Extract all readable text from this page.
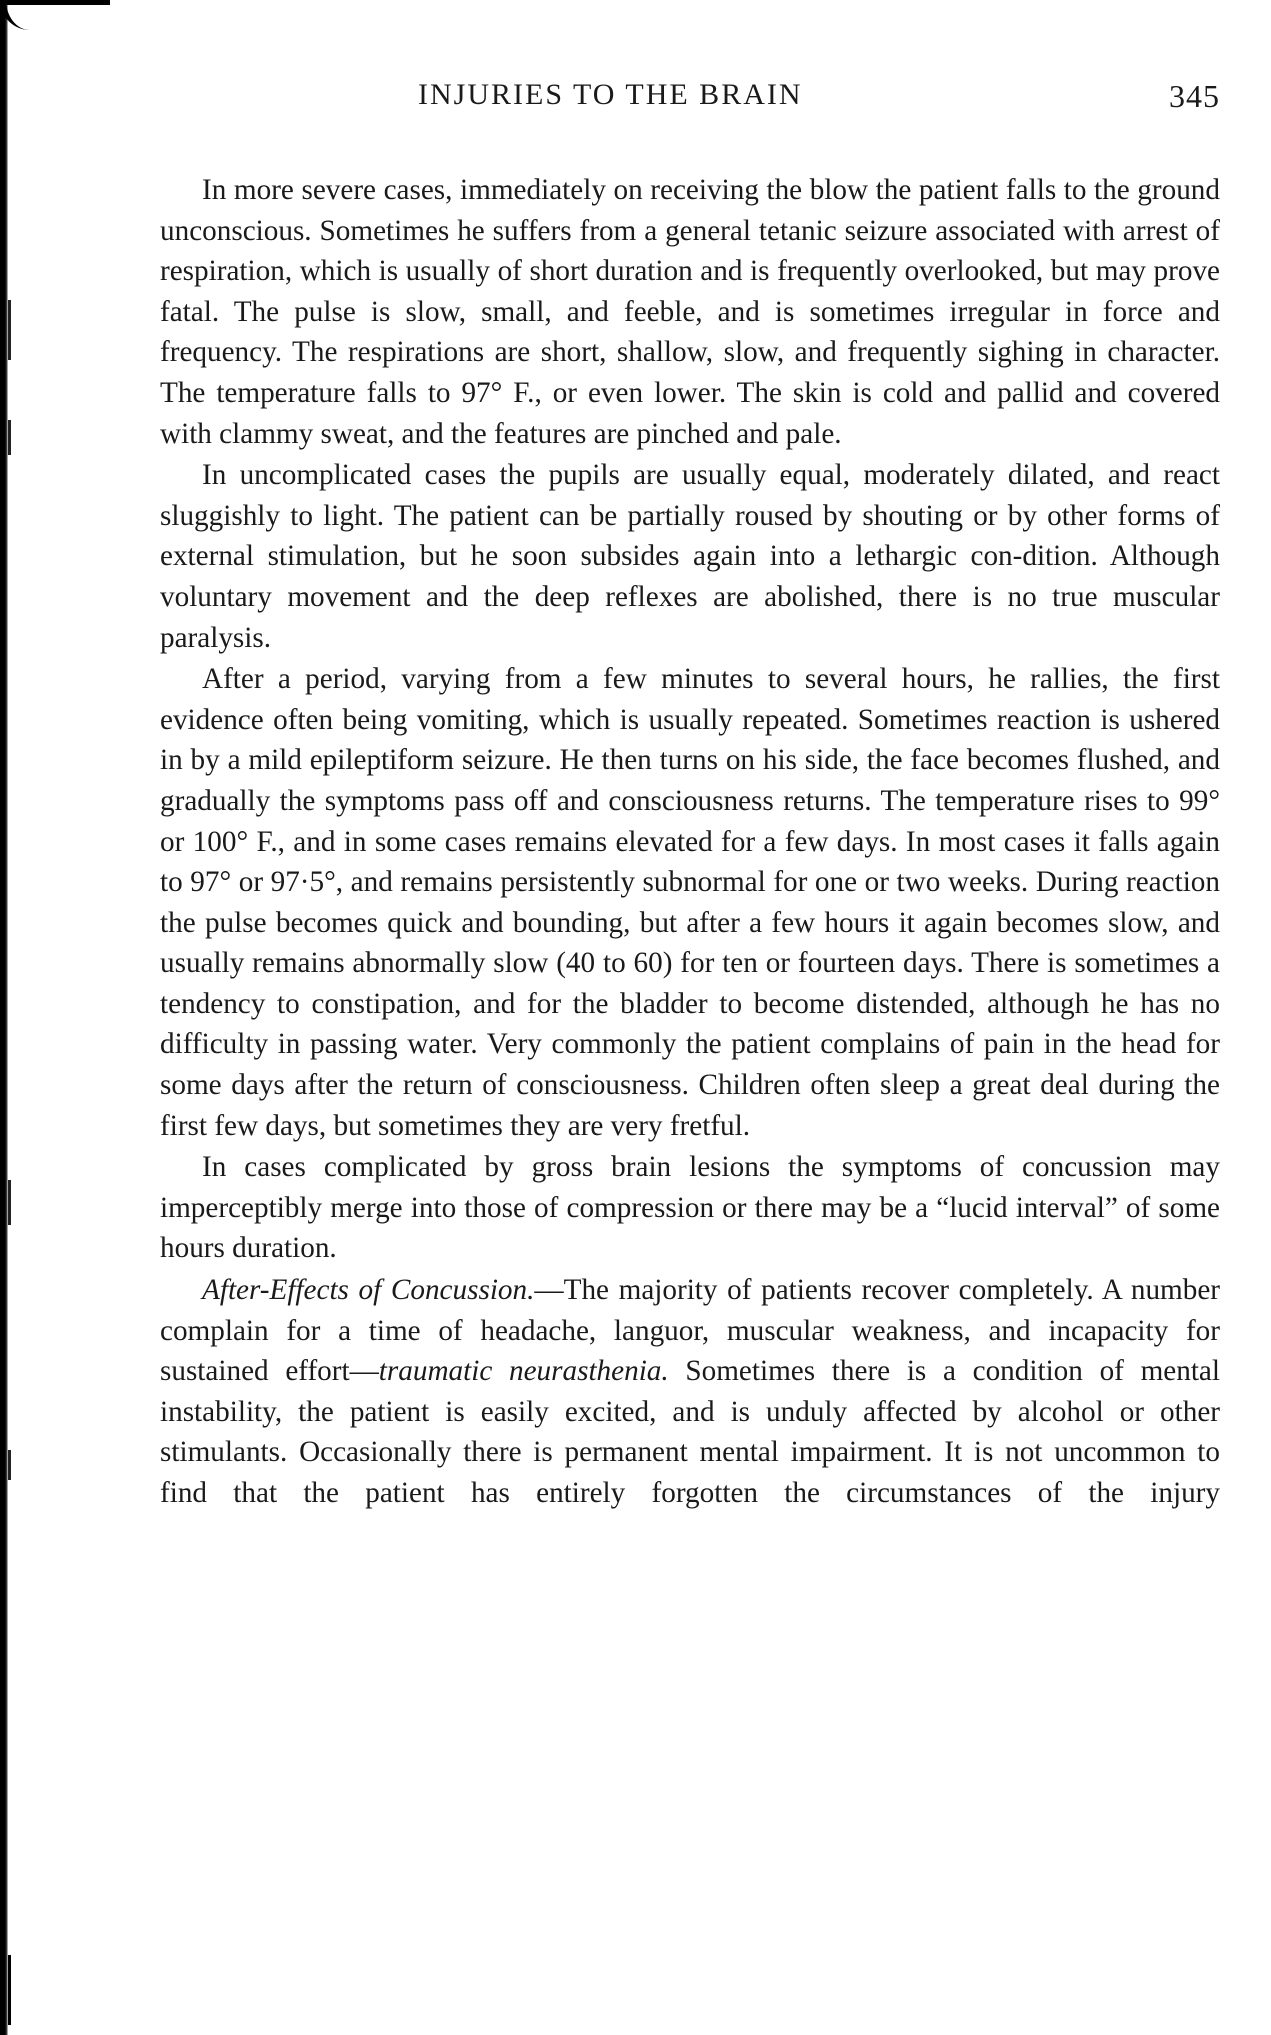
INJURIES TO THE BRAIN	345

In more severe cases, immediately on receiving the blow the patient falls to the ground unconscious. Sometimes he suffers from a general tetanic seizure associated with arrest of respiration, which is usually of short duration and is frequently overlooked, but may prove fatal. The pulse is slow, small, and feeble, and is sometimes irregular in force and frequency. The respirations are short, shallow, slow, and frequently sighing in character. The temperature falls to 97° F., or even lower. The skin is cold and pallid and covered with clammy sweat, and the features are pinched and pale.

In uncomplicated cases the pupils are usually equal, moderately dilated, and react sluggishly to light. The patient can be partially roused by shouting or by other forms of external stimulation, but he soon subsides again into a lethargic con-dition. Although voluntary movement and the deep reflexes are abolished, there is no true muscular paralysis.

After a period, varying from a few minutes to several hours, he rallies, the first evidence often being vomiting, which is usually repeated. Sometimes reaction is ushered in by a mild epileptiform seizure. He then turns on his side, the face becomes flushed, and gradually the symptoms pass off and consciousness returns. The temperature rises to 99° or 100° F., and in some cases remains elevated for a few days. In most cases it falls again to 97° or 97·5°, and remains persistently subnormal for one or two weeks. During reaction the pulse becomes quick and bounding, but after a few hours it again becomes slow, and usually remains abnormally slow (40 to 60) for ten or fourteen days. There is sometimes a tendency to constipation, and for the bladder to become distended, although he has no difficulty in passing water. Very commonly the patient complains of pain in the head for some days after the return of consciousness. Children often sleep a great deal during the first few days, but sometimes they are very fretful.

In cases complicated by gross brain lesions the symptoms of concussion may imperceptibly merge into those of compression or there may be a “lucid interval” of some hours duration.

After-Effects of Concussion.—The majority of patients recover completely. A number complain for a time of headache, languor, muscular weakness, and incapacity for sustained effort—traumatic neurasthenia. Sometimes there is a condition of mental instability, the patient is easily excited, and is unduly affected by alcohol or other stimulants. Occasionally there is permanent mental impairment. It is not uncommon to find that the patient has entirely forgotten the circumstances of the injury
